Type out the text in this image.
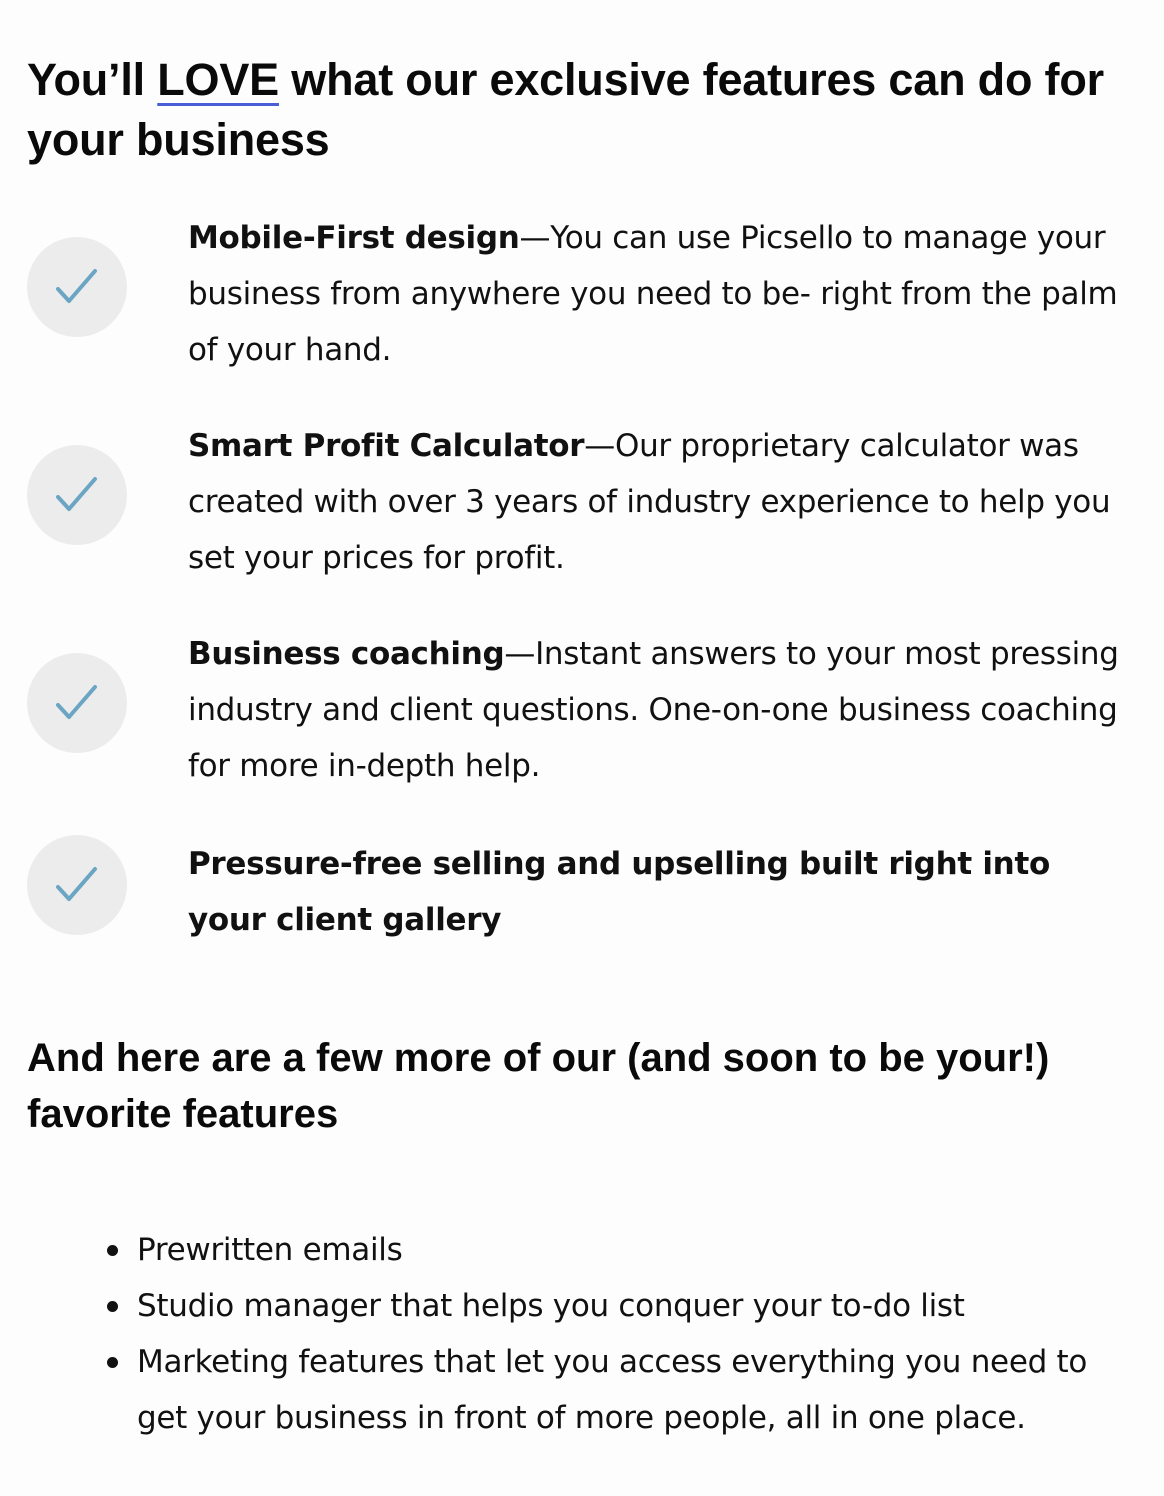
You’ll LOVE what our exclusive features can do for your business

Mobile-First design—You can use Picsello to manage your business from anywhere you need to be- right from the palm of your hand.

Smart Profit Calculator—Our proprietary calculator was created with over 3 years of industry experience to help you set your prices for profit.

Business coaching—Instant answers to your most pressing industry and client questions. One-on-one business coaching for more in-depth help.

Pressure-free selling and upselling built right into your client gallery

And here are a few more of our (and soon to be your!) favorite features
Prewritten emails
Studio manager that helps you conquer your to-do list
Marketing features that let you access everything you need to get your business in front of more people, all in one place.
